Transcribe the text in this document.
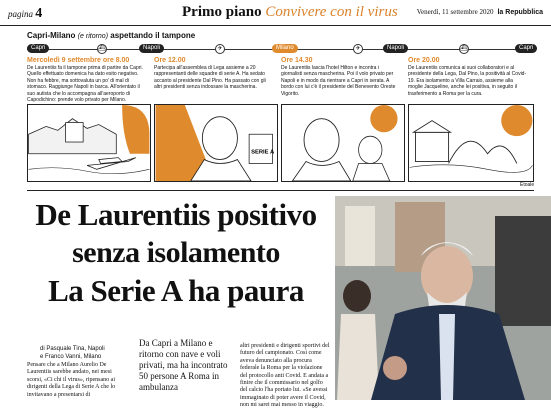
pagina 4	Primo piano Convivere con il virus	Venerdì, 11 settembre 2020 la Repubblica
Capri-Milano (e ritorno) aspettando il tampone
Capri	⛴	Napoli	✈	Milano	✈	Napoli	⛴	Capri
Mercoledì 9 settembre ore 8.00

De Laurentiis fa il tampone prima di partire da Capri. Quello effettuato domenica ha dato esito negativo. Non ha febbre, ma sottovaluta un po' di mal di stomaco. Raggiunge Napoli in barca. All'orientato il suo autista che lo accompagna all'aeroporto di Capodichino: prende volo privato per Milano.

Ore 12.00

Partecipa all'assemblea di Lega assieme a 20 rappresentanti delle squadre di serie A. Ha sedato accanto al presidente Dal Pino. Ha passato con gli altri presidenti senza indossare la mascherina.

Ore 14.30

De Laurentiis lascia l'hotel Hilton e incontra i giornalisti senza mascherina. Poi il volo privato per Napoli e in modo da rientrare a Capri in serata. A bordo con lui c'è il presidente del Benevento Oreste Vigorito.

Ore 20.00

De Laurentiis comunica ai suoi collaboratori e al presidente della Lega, Dal Pino, la positività al Covid-19. Era isolamento a Villa Carraio, assieme alla moglie Jacqueline, anche lei positiva, in seguito il trasferimento a Roma per la cura.

SERIE A
Etoale
De Laurentiis positivo
senza isolamento
La Serie A ha paura
di Pasquale Tina, Napoli
e Franco Vanni, Milano
Pensare che a Milano Aurelio De Laurentiis sarebbe andato, nei mesi scorsi, «Ci chi il virus», ripensano ai dirigenti della Lega di Serie A che lo invitavano a presentarsi di
Da Capri a Milano e ritorno con nave e voli privati, ma ha incontrato 50 persone A Roma in ambulanza
altri presidenti e dirigenti sportivi del futuro del campionato. Così come aveva denunciato alla procura federale la Roma per la violazione del protocollo anti Covid. E andata a finire che il commissario nel golfo del calcio l'ha portato lui. «Se avessi immaginato di poter avere il Covid, non mi sarei mai messo in viaggio.
